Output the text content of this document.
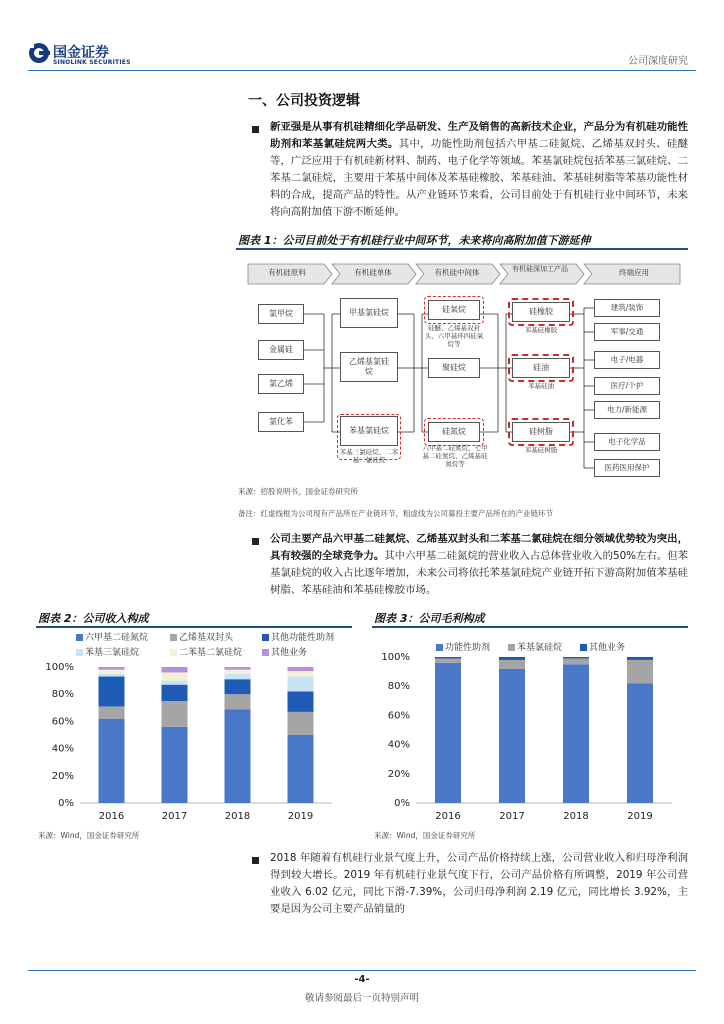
国金证券
SINOLINK SECURITIES	公司深度研究
一、公司投资逻辑
新亚强是从事有机硅精细化学品研发、生产及销售的高新技术企业，产品分为有机硅功能性助剂和苯基氯硅烷两大类。其中，功能性助剂包括六甲基二硅氮烷、乙烯基双封头、硅醚等，广泛应用于有机硅新材料、制药、电子化学等领域。苯基氯硅烷包括苯基三氯硅烷、二苯基二氯硅烷，主要用于苯基中间体及苯基硅橡胶、苯基硅油、苯基硅树脂等苯基功能性材料的合成，提高产品的特性。从产业链环节来看，公司目前处于有机硅行业中间环节，未来将向高附加值下游不断延伸。
图表 1：公司目前处于有机硅行业中间环节，未来将向高附加值下游延伸
有机硅原料	有机硅单体	有机硅中间体	有机硅深加工产品	终端应用
氯甲烷
金属硅
氯乙烯
氯化苯
甲基氯硅烷
乙烯基氯硅烷
苯基氯硅烷
苯基三氯硅烷、二苯基二氯硅烷
硅氧烷
硅醚、乙烯基双封头、六甲基环四硅氧烷等
聚硅烷
硅氮烷
六甲基二硅氮烷、七甲基二硅氮烷、乙烯基硅氮烷等
硅橡胶
苯基硅橡胶
硅油
苯基硅油
硅树脂
苯基硅树脂
建筑/装饰
军事/交通
电子/电器
医疗/个护
电力/新能源
电子化学品
医药医用保护
来源：招股说明书，国金证券研究所
备注：红虚线框为公司现有产品所在产业链环节，粗虚线为公司募投主要产品所在的产业链环节
公司主要产品六甲基二硅氮烷、乙烯基双封头和二苯基二氯硅烷在细分领域优势较为突出，具有较强的全球竞争力。其中六甲基二硅氮烷的营业收入占总体营业收入的50%左右。但苯基氯硅烷的收入占比逐年增加，未来公司将依托苯基氯硅烷产业链开拓下游高附加值苯基硅树脂、苯基硅油和苯基硅橡胶市场。
图表 2：公司收入构成
六甲基二硅氮烷	乙烯基双封头	其他功能性助剂
苯基三氯硅烷	二苯基二氯硅烷	其他业务
100%
80%
60%
40%
20%
0%
2016	2017	2018	2019
来源：Wind，国金证券研究所
图表 3：公司毛利构成
功能性助剂	苯基氯硅烷	其他业务
100%
80%
60%
40%
20%
0%
2016	2017	2018	2019
来源：Wind，国金证券研究所
2018 年随着有机硅行业景气度上升，公司产品价格持续上涨，公司营业收入和归母净利润得到较大增长。2019 年有机硅行业景气度下行，公司产品价格有所调整，2019 年公司营业收入 6.02 亿元，同比下滑-7.39%，公司归母净利润 2.19 亿元，同比增长 3.92%，主要是因为公司主要产品销量的
-4-
敬请参阅最后一页特别声明
